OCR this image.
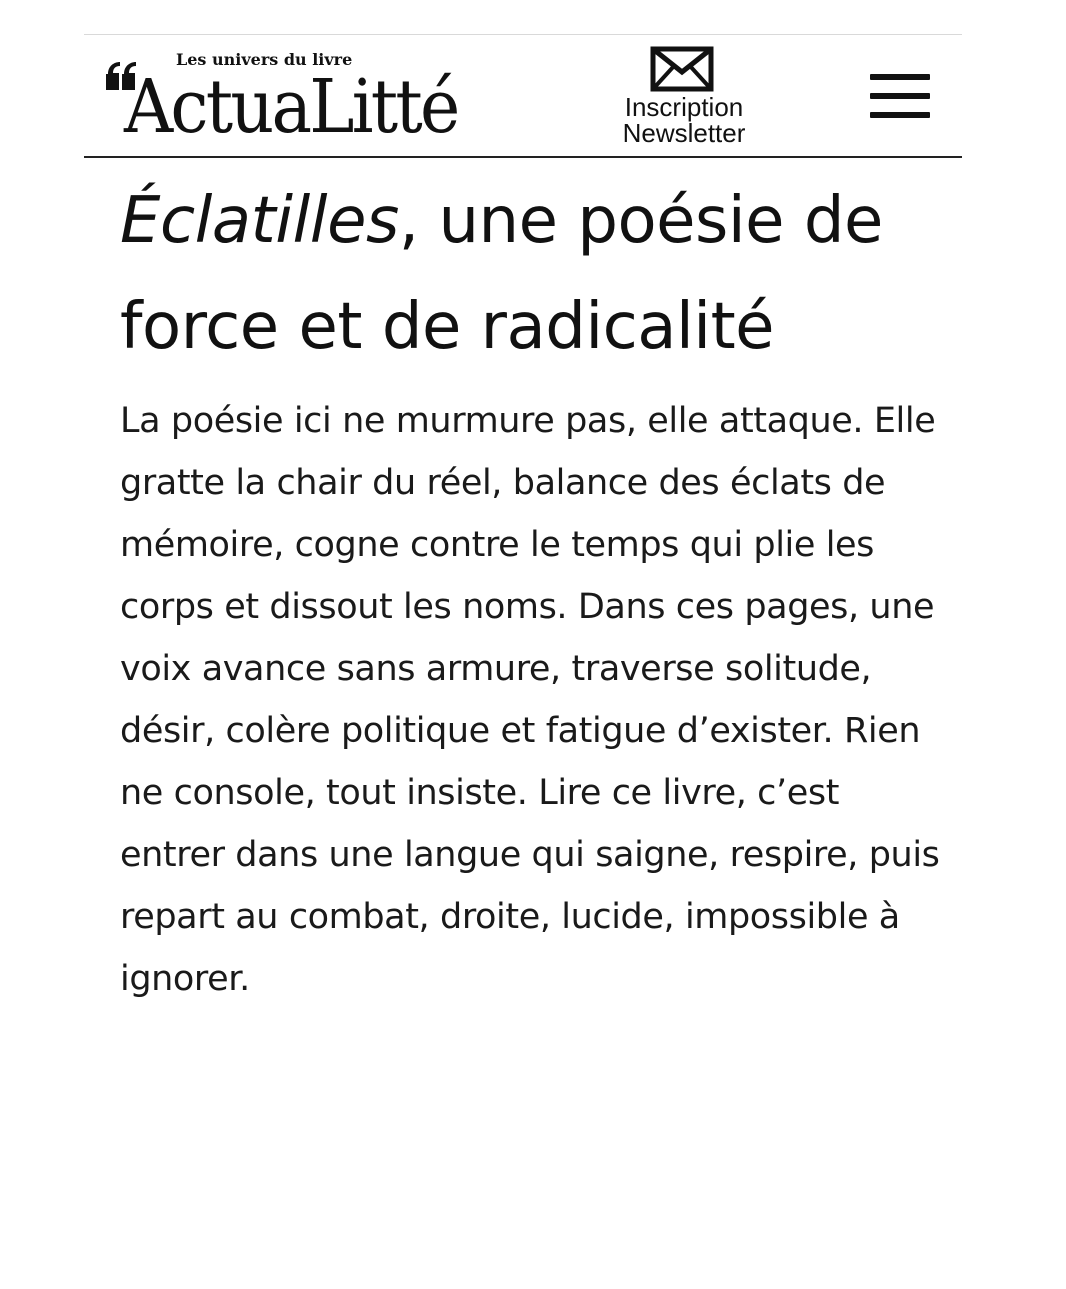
Les univers du livre
ActuaLitté	Inscription
Newsletter
Éclatilles, une poésie de force et de radicalité

La poésie ici ne murmure pas, elle attaque. Elle gratte la chair du réel, balance des éclats de mémoire, cogne contre le temps qui plie les corps et dissout les noms. Dans ces pages, une voix avance sans armure, traverse solitude, désir, colère politique et fatigue d’exister. Rien ne console, tout insiste. Lire ce livre, c’est entrer dans une langue qui saigne, respire, puis repart au combat, droite, lucide, impossible à ignorer.
